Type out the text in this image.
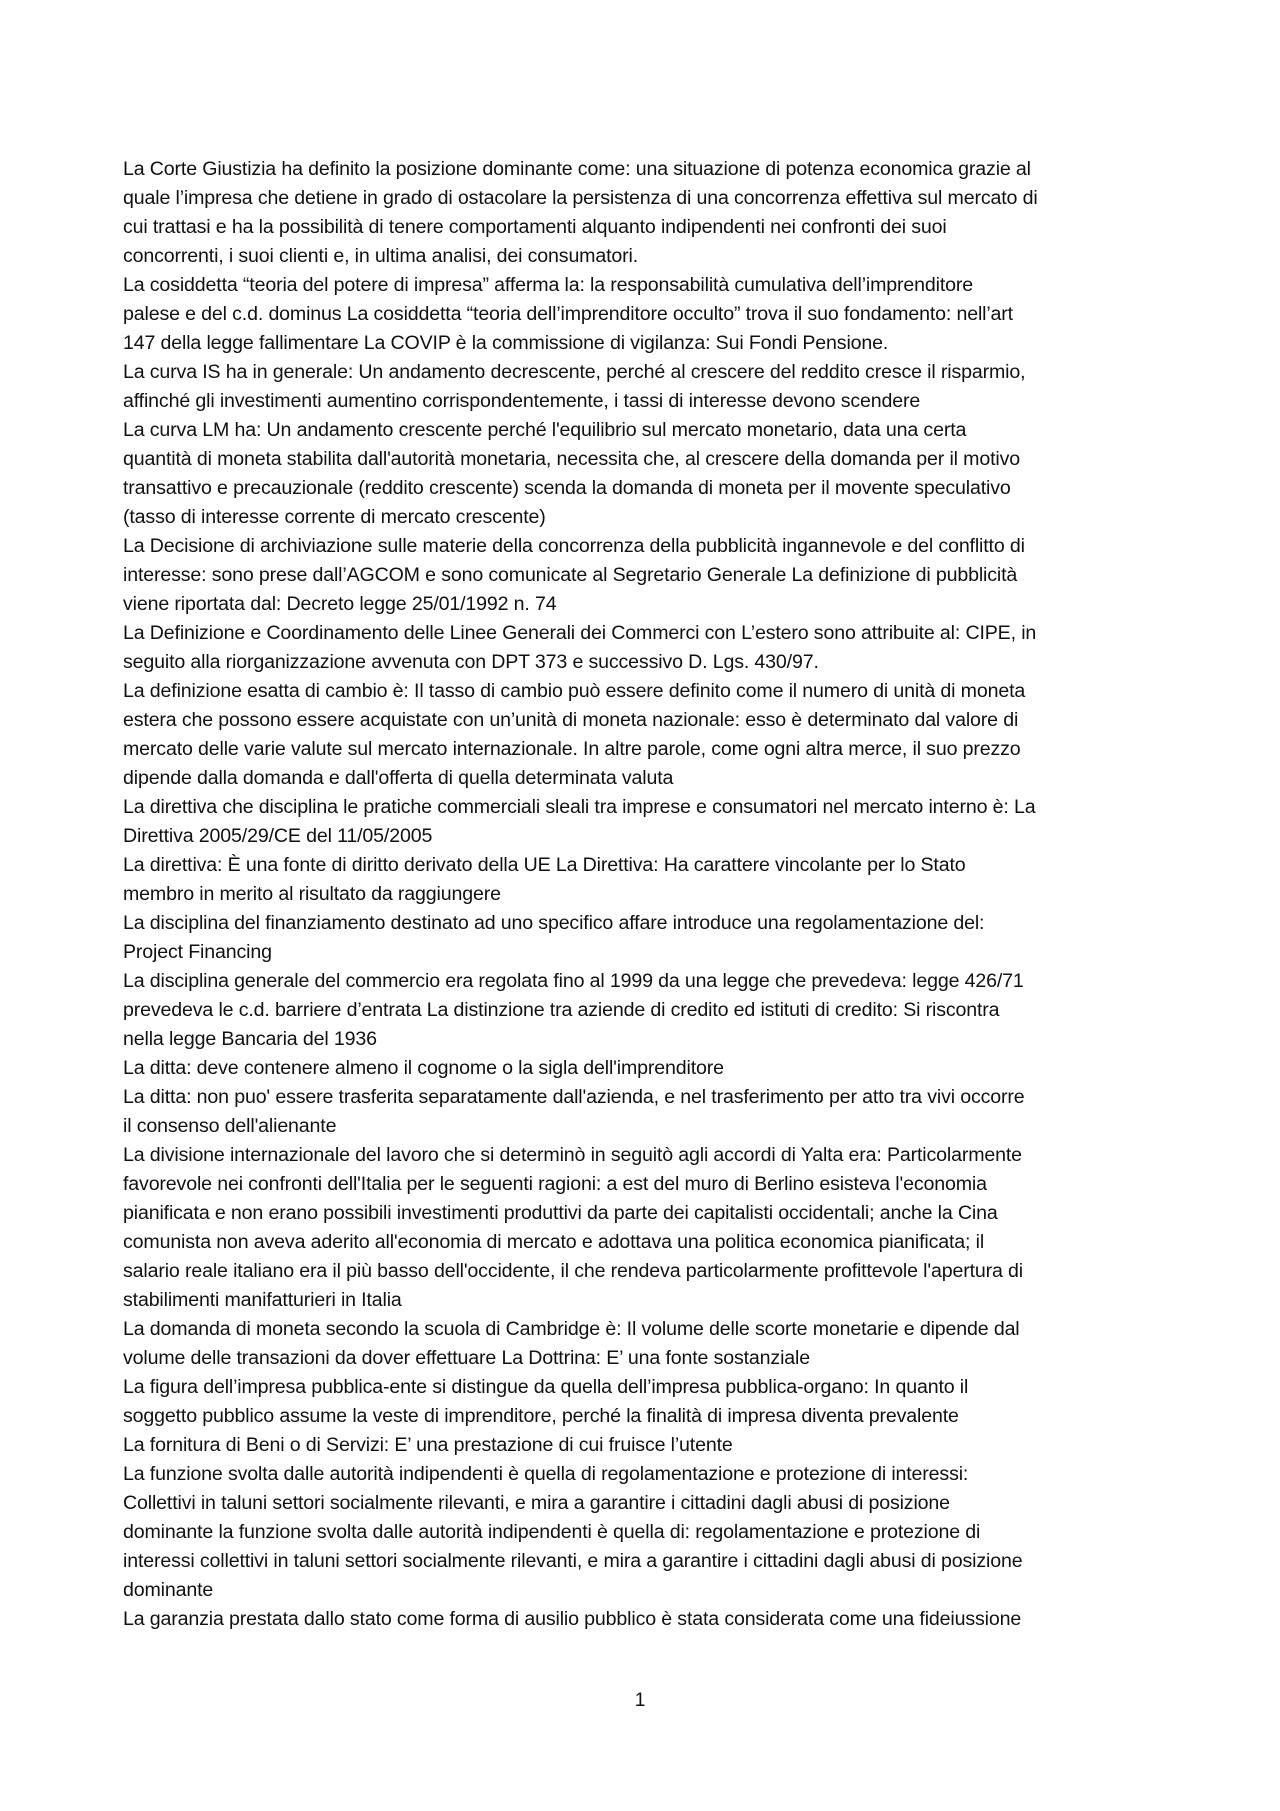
La Corte Giustizia ha definito la posizione dominante come: una situazione di potenza economica grazie al
quale l’impresa che detiene in grado di ostacolare la persistenza di una concorrenza effettiva sul mercato di
cui trattasi e ha la possibilità di tenere comportamenti alquanto indipendenti nei confronti dei suoi
concorrenti, i suoi clienti e, in ultima analisi, dei consumatori.
La cosiddetta “teoria del potere di impresa” afferma la: la responsabilità cumulativa dell’imprenditore
palese e del c.d. dominus La cosiddetta “teoria dell’imprenditore occulto” trova il suo fondamento: nell’art
147 della legge fallimentare La COVIP è la commissione di vigilanza: Sui Fondi Pensione.
La curva IS ha in generale: Un andamento decrescente, perché al crescere del reddito cresce il risparmio,
affinché gli investimenti aumentino corrispondentemente, i tassi di interesse devono scendere
La curva LM ha: Un andamento crescente perché l'equilibrio sul mercato monetario, data una certa
quantità di moneta stabilita dall'autorità monetaria, necessita che, al crescere della domanda per il motivo
transattivo e precauzionale (reddito crescente) scenda la domanda di moneta per il movente speculativo
(tasso di interesse corrente di mercato crescente)
La Decisione di archiviazione sulle materie della concorrenza della pubblicità ingannevole e del conflitto di
interesse: sono prese dall’AGCOM e sono comunicate al Segretario Generale La definizione di pubblicità
viene riportata dal: Decreto legge 25/01/1992 n. 74
La Definizione e Coordinamento delle Linee Generali dei Commerci con L’estero sono attribuite al: CIPE, in
seguito alla riorganizzazione avvenuta con DPT 373 e successivo D. Lgs. 430/97.
La definizione esatta di cambio è: Il tasso di cambio può essere definito come il numero di unità di moneta
estera che possono essere acquistate con un’unità di moneta nazionale: esso è determinato dal valore di
mercato delle varie valute sul mercato internazionale. In altre parole, come ogni altra merce, il suo prezzo
dipende dalla domanda e dall'offerta di quella determinata valuta
La direttiva che disciplina le pratiche commerciali sleali tra imprese e consumatori nel mercato interno è: La
Direttiva 2005/29/CE del 11/05/2005
La direttiva: È una fonte di diritto derivato della UE La Direttiva: Ha carattere vincolante per lo Stato
membro in merito al risultato da raggiungere
La disciplina del finanziamento destinato ad uno specifico affare introduce una regolamentazione del:
Project Financing
La disciplina generale del commercio era regolata fino al 1999 da una legge che prevedeva: legge 426/71
prevedeva le c.d. barriere d’entrata La distinzione tra aziende di credito ed istituti di credito: Si riscontra
nella legge Bancaria del 1936
La ditta: deve contenere almeno il cognome o la sigla dell'imprenditore
La ditta: non puo' essere trasferita separatamente dall'azienda, e nel trasferimento per atto tra vivi occorre
il consenso dell'alienante
La divisione internazionale del lavoro che si determinò in seguitò agli accordi di Yalta era: Particolarmente
favorevole nei confronti dell'Italia per le seguenti ragioni: a est del muro di Berlino esisteva l'economia
pianificata e non erano possibili investimenti produttivi da parte dei capitalisti occidentali; anche la Cina
comunista non aveva aderito all'economia di mercato e adottava una politica economica pianificata; il
salario reale italiano era il più basso dell'occidente, il che rendeva particolarmente profittevole l'apertura di
stabilimenti manifatturieri in Italia
La domanda di moneta secondo la scuola di Cambridge è: Il volume delle scorte monetarie e dipende dal
volume delle transazioni da dover effettuare La Dottrina: E’ una fonte sostanziale
La figura dell’impresa pubblica-ente si distingue da quella dell’impresa pubblica-organo: In quanto il
soggetto pubblico assume la veste di imprenditore, perché la finalità di impresa diventa prevalente
La fornitura di Beni o di Servizi: E’ una prestazione di cui fruisce l’utente
La funzione svolta dalle autorità indipendenti è quella di regolamentazione e protezione di interessi:
Collettivi in taluni settori socialmente rilevanti, e mira a garantire i cittadini dagli abusi di posizione
dominante la funzione svolta dalle autorità indipendenti è quella di: regolamentazione e protezione di
interessi collettivi in taluni settori socialmente rilevanti, e mira a garantire i cittadini dagli abusi di posizione
dominante
La garanzia prestata dallo stato come forma di ausilio pubblico è stata considerata come una fideiussione
1
